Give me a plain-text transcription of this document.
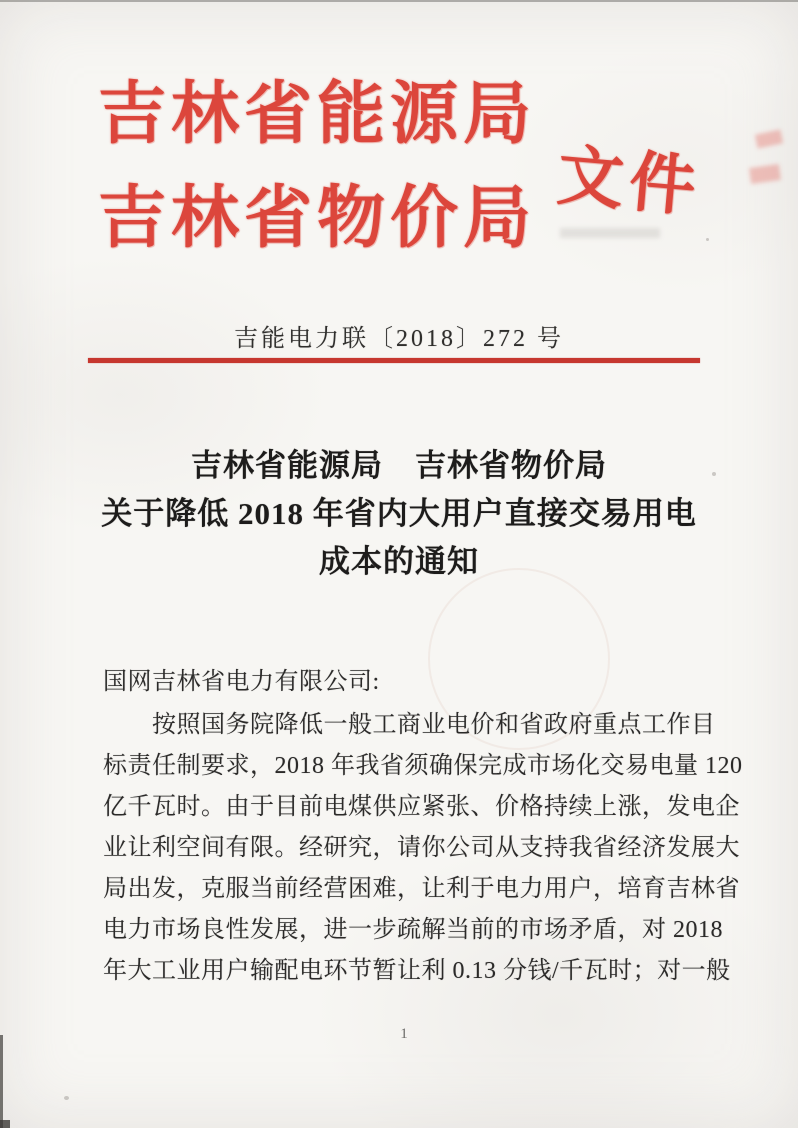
吉林省能源局
吉林省物价局 文件
吉能电力联〔2018〕272 号
吉林省能源局　吉林省物价局
关于降低 2018 年省内大用户直接交易用电
成本的通知
国网吉林省电力有限公司:
按照国务院降低一般工商业电价和省政府重点工作目
标责任制要求，2018 年我省须确保完成市场化交易电量 120
亿千瓦时。由于目前电煤供应紧张、价格持续上涨，发电企
业让利空间有限。经研究，请你公司从支持我省经济发展大
局出发，克服当前经营困难，让利于电力用户，培育吉林省
电力市场良性发展，进一步疏解当前的市场矛盾，对 2018
年大工业用户输配电环节暂让利 0.13 分钱/千瓦时；对一般
1
